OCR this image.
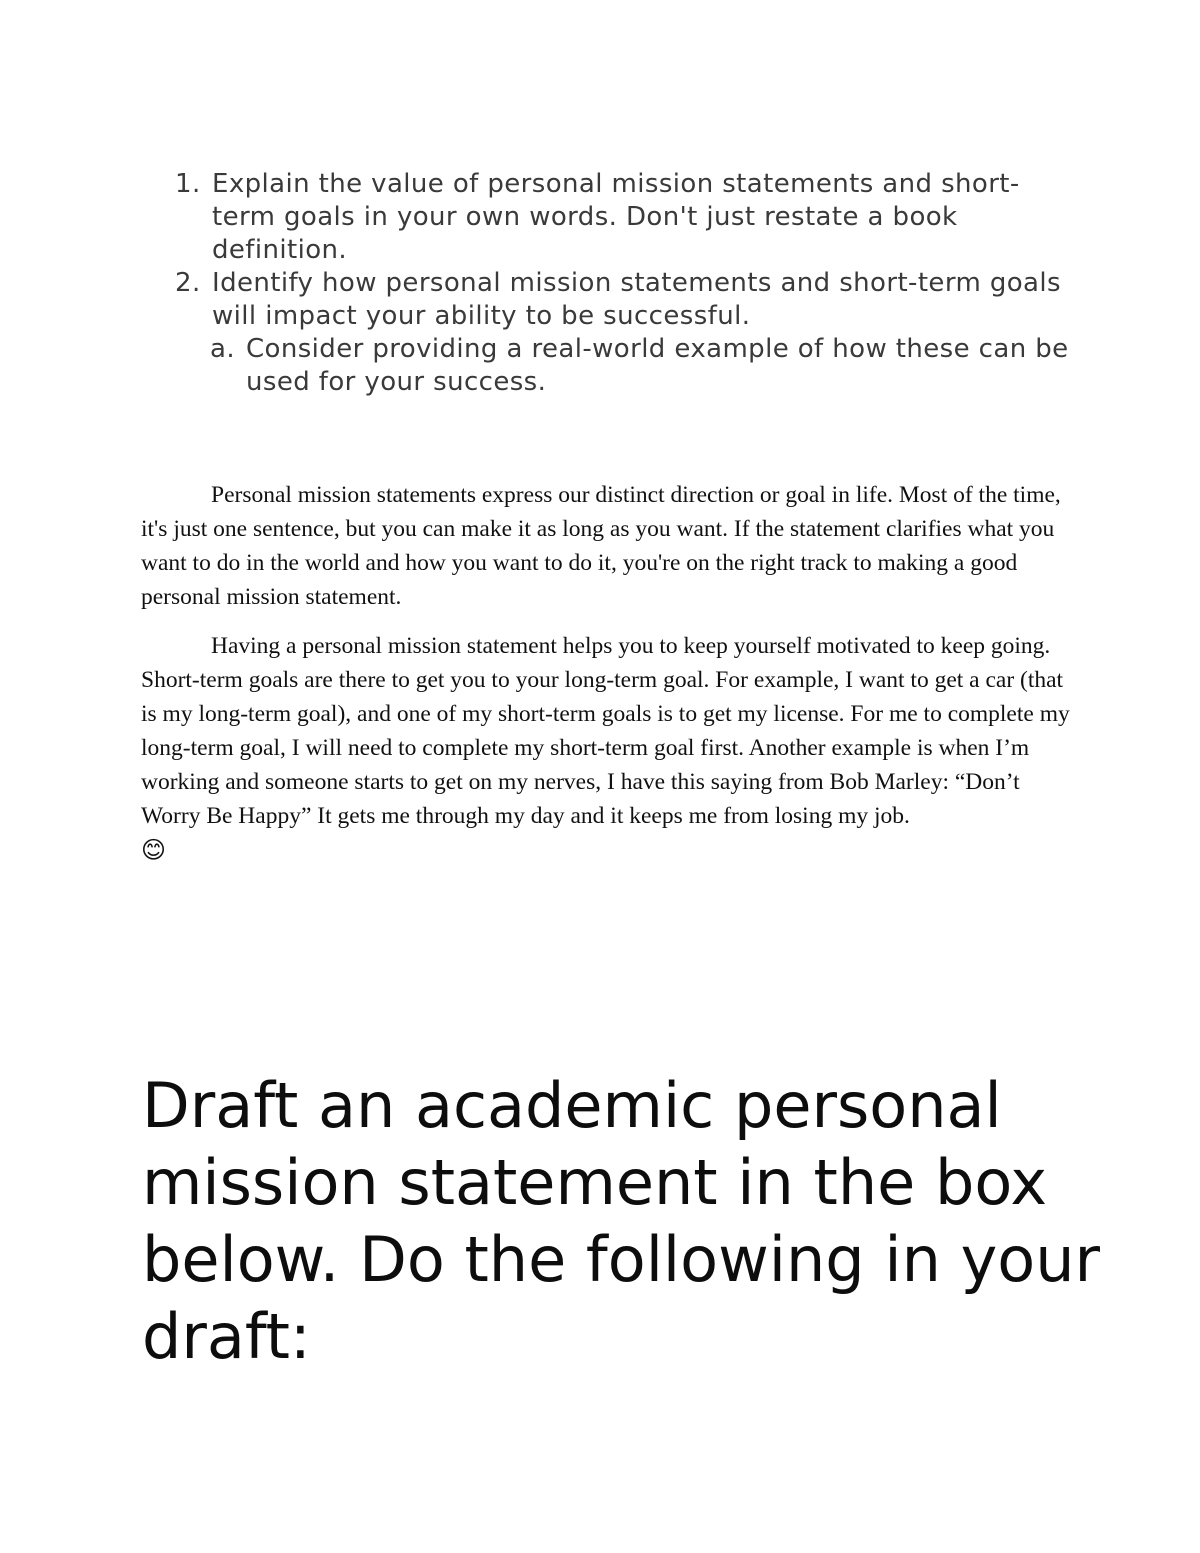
1. Explain the value of personal mission statements and short-term goals in your own words. Don't just restate a book definition.
2. Identify how personal mission statements and short-term goals will impact your ability to be successful.
a. Consider providing a real-world example of how these can be used for your success.

Personal mission statements express our distinct direction or goal in life. Most of the time, it's just one sentence, but you can make it as long as you want. If the statement clarifies what you want to do in the world and how you want to do it, you're on the right track to making a good personal mission statement.

Having a personal mission statement helps you to keep yourself motivated to keep going. Short-term goals are there to get you to your long-term goal. For example, I want to get a car (that is my long-term goal), and one of my short-term goals is to get my license. For me to complete my long-term goal, I will need to complete my short-term goal first. Another example is when I’m working and someone starts to get on my nerves, I have this saying from Bob Marley: “Don’t Worry Be Happy” It gets me through my day and it keeps me from losing my job.

😊
Draft an academic personal mission statement in the box below. Do the following in your draft:
